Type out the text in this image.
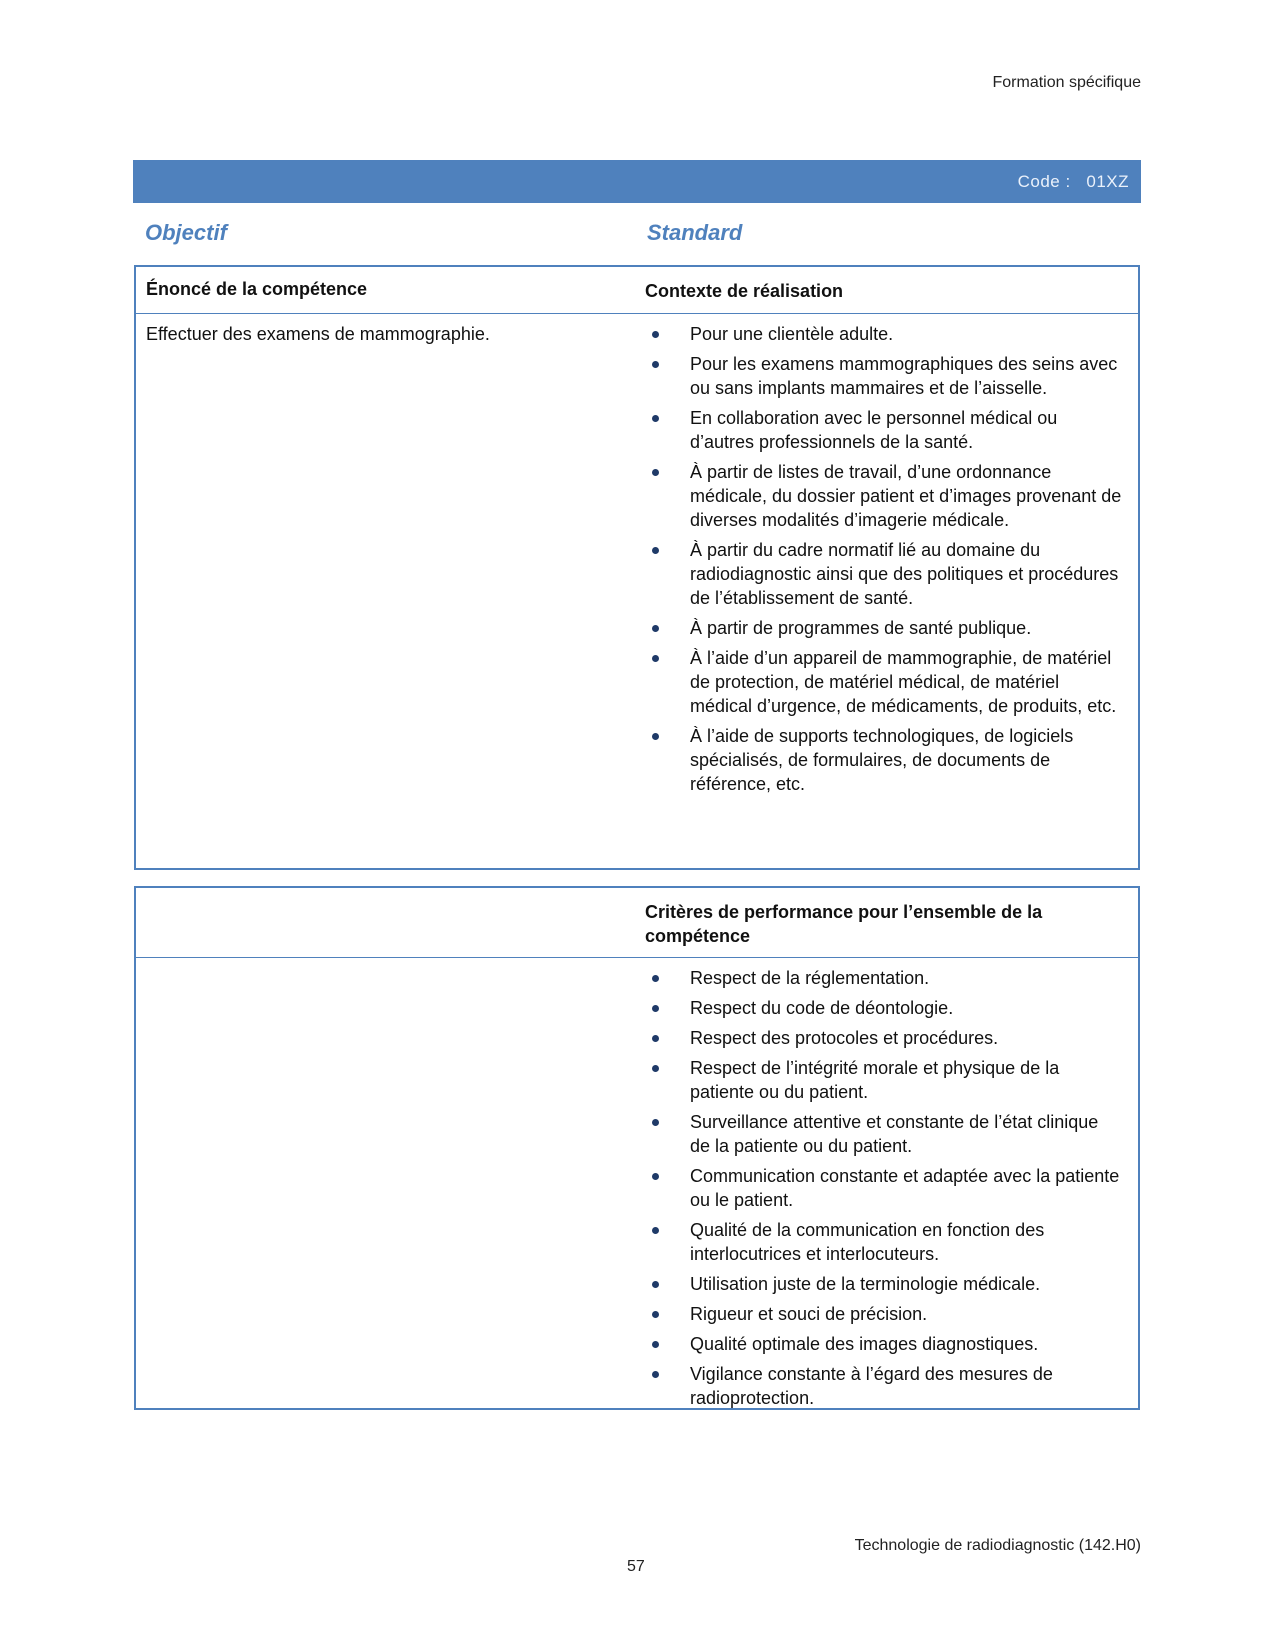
Formation spécifique
Code : 01XZ
Objectif	Standard
Énoncé de la compétence	Contexte de réalisation
Effectuer des examens de mammographie.	Pour une clientèle adulte.
Pour les examens mammographiques des seins avec ou sans implants mammaires et de l’aisselle.
En collaboration avec le personnel médical ou d’autres professionnels de la santé.
À partir de listes de travail, d’une ordonnance médicale, du dossier patient et d’images provenant de diverses modalités d’imagerie médicale.
À partir du cadre normatif lié au domaine du radiodiagnostic ainsi que des politiques et procédures de l’établissement de santé.
À partir de programmes de santé publique.
À l’aide d’un appareil de mammographie, de matériel de protection, de matériel médical, de matériel médical d’urgence, de médicaments, de produits, etc.
À l’aide de supports technologiques, de logiciels spécialisés, de formulaires, de documents de référence, etc.
Critères de performance pour l’ensemble de la compétence
Respect de la réglementation.
Respect du code de déontologie.
Respect des protocoles et procédures.
Respect de l’intégrité morale et physique de la patiente ou du patient.
Surveillance attentive et constante de l’état clinique de la patiente ou du patient.
Communication constante et adaptée avec la patiente ou le patient.
Qualité de la communication en fonction des interlocutrices et interlocuteurs.
Utilisation juste de la terminologie médicale.
Rigueur et souci de précision.
Qualité optimale des images diagnostiques.
Vigilance constante à l’égard des mesures de radioprotection.
Technologie de radiodiagnostic (142.H0)
57
